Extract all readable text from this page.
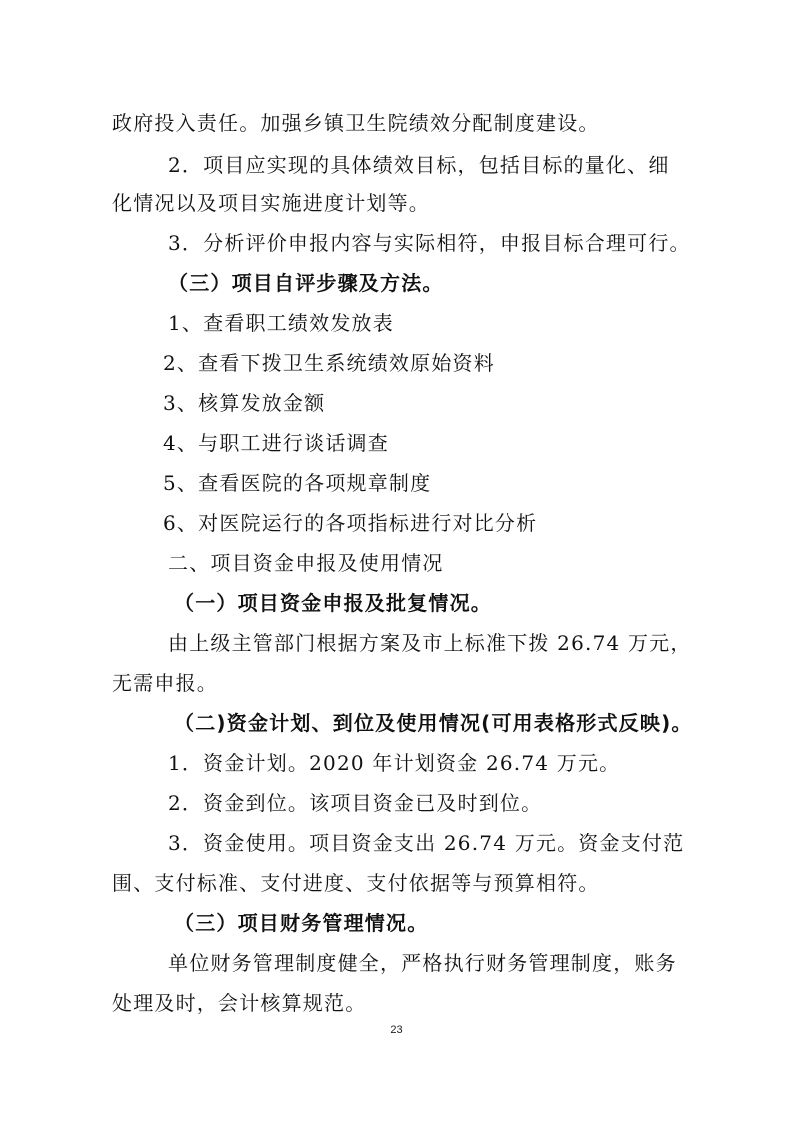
政府投入责任。加强乡镇卫生院绩效分配制度建设。
2．项目应实现的具体绩效目标，包括目标的量化、细
化情况以及项目实施进度计划等。
3．分析评价申报内容与实际相符，申报目标合理可行。
（三）项目自评步骤及方法。
1、查看职工绩效发放表
2、查看下拨卫生系统绩效原始资料
3、核算发放金额
4、与职工进行谈话调查
5、查看医院的各项规章制度
6、对医院运行的各项指标进行对比分析
二、项目资金申报及使用情况
（一）项目资金申报及批复情况。
由上级主管部门根据方案及市上标准下拨 26.74 万元，
无需申报。
（二)资金计划、到位及使用情况(可用表格形式反映)。
1．资金计划。2020 年计划资金 26.74 万元。
2．资金到位。该项目资金已及时到位。
3．资金使用。项目资金支出 26.74 万元。资金支付范
围、支付标准、支付进度、支付依据等与预算相符。
（三）项目财务管理情况。
单位财务管理制度健全，严格执行财务管理制度，账务
处理及时，会计核算规范。
23
